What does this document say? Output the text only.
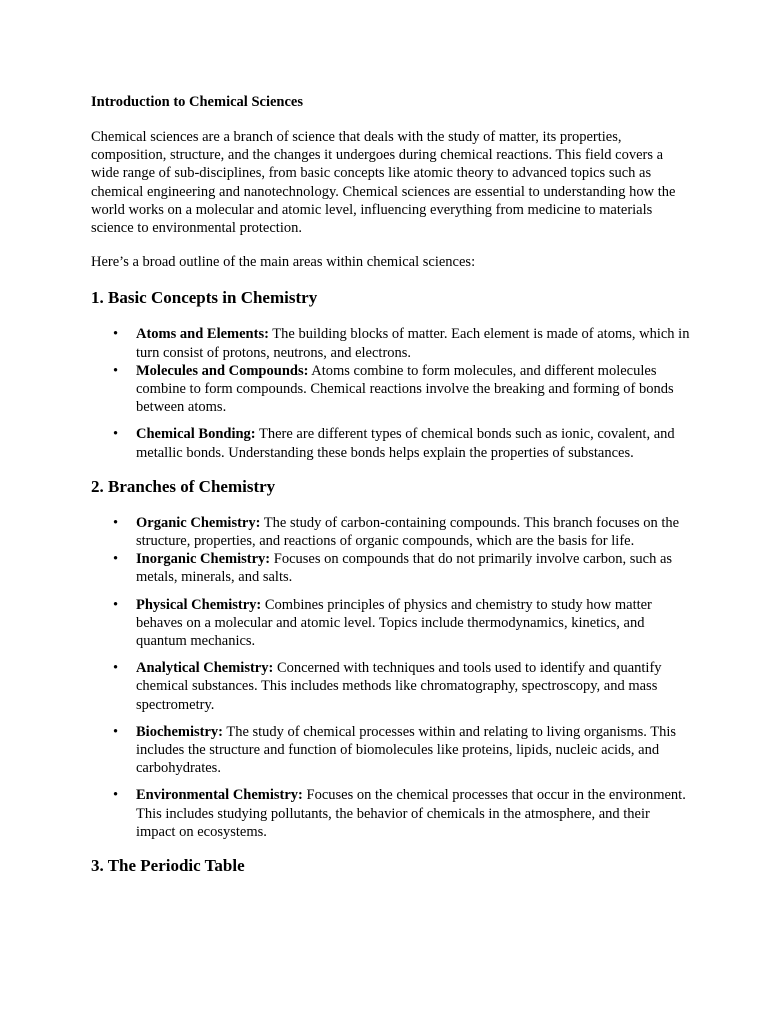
Introduction to Chemical Sciences

Chemical sciences are a branch of science that deals with the study of matter, its properties, composition, structure, and the changes it undergoes during chemical reactions. This field covers a wide range of sub-disciplines, from basic concepts like atomic theory to advanced topics such as chemical engineering and nanotechnology. Chemical sciences are essential to understanding how the world works on a molecular and atomic level, influencing everything from medicine to materials science to environmental protection.

Here’s a broad outline of the main areas within chemical sciences:

1. Basic Concepts in Chemistry
• Atoms and Elements: The building blocks of matter. Each element is made of atoms, which in turn consist of protons, neutrons, and electrons.
• Molecules and Compounds: Atoms combine to form molecules, and different molecules combine to form compounds. Chemical reactions involve the breaking and forming of bonds between atoms.
• Chemical Bonding: There are different types of chemical bonds such as ionic, covalent, and metallic bonds. Understanding these bonds helps explain the properties of substances.
2. Branches of Chemistry
• Organic Chemistry: The study of carbon-containing compounds. This branch focuses on the structure, properties, and reactions of organic compounds, which are the basis for life.
• Inorganic Chemistry: Focuses on compounds that do not primarily involve carbon, such as metals, minerals, and salts.
• Physical Chemistry: Combines principles of physics and chemistry to study how matter behaves on a molecular and atomic level. Topics include thermodynamics, kinetics, and quantum mechanics.
• Analytical Chemistry: Concerned with techniques and tools used to identify and quantify chemical substances. This includes methods like chromatography, spectroscopy, and mass spectrometry.
• Biochemistry: The study of chemical processes within and relating to living organisms. This includes the structure and function of biomolecules like proteins, lipids, nucleic acids, and carbohydrates.
• Environmental Chemistry: Focuses on the chemical processes that occur in the environment. This includes studying pollutants, the behavior of chemicals in the atmosphere, and their impact on ecosystems.
3. The Periodic Table
